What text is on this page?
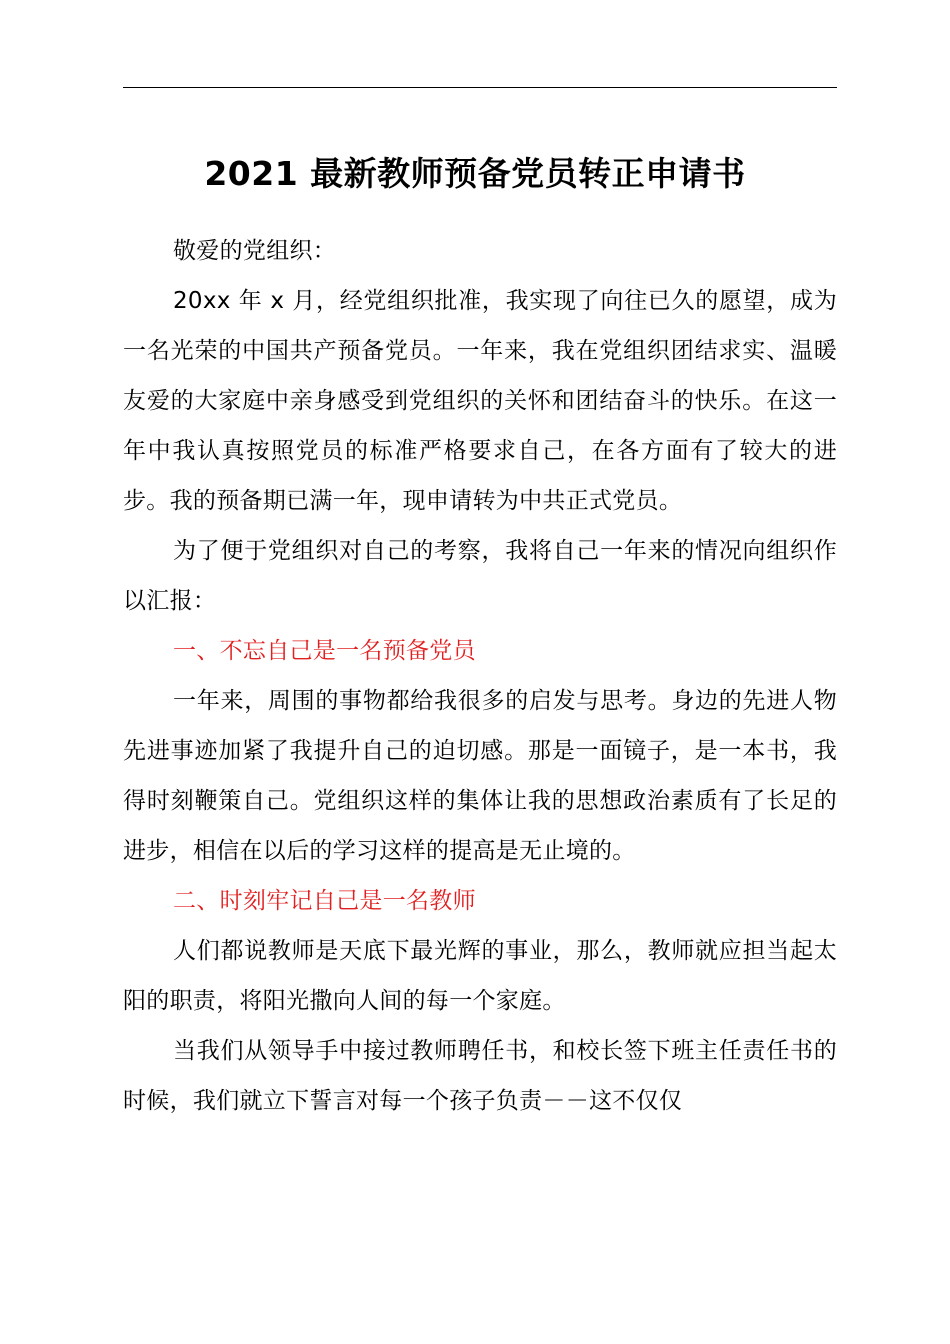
2021 最新教师预备党员转正申请书

敬爱的党组织：

20xx 年 x 月，经党组织批准，我实现了向往已久的愿望，成为一名光荣的中国共产预备党员。一年来，我在党组织团结求实、温暖友爱的大家庭中亲身感受到党组织的关怀和团结奋斗的快乐。在这一年中我认真按照党员的标准严格要求自己，在各方面有了较大的进步。我的预备期已满一年，现申请转为中共正式党员。

为了便于党组织对自己的考察，我将自己一年来的情况向组织作以汇报：

一、不忘自己是一名预备党员

一年来，周围的事物都给我很多的启发与思考。身边的先进人物先进事迹加紧了我提升自己的迫切感。那是一面镜子，是一本书，我得时刻鞭策自己。党组织这样的集体让我的思想政治素质有了长足的进步，相信在以后的学习这样的提高是无止境的。

二、时刻牢记自己是一名教师

人们都说教师是天底下最光辉的事业，那么，教师就应担当起太阳的职责，将阳光撒向人间的每一个家庭。

当我们从领导手中接过教师聘任书，和校长签下班主任责任书的时候，我们就立下誓言对每一个孩子负责－－这不仅仅
